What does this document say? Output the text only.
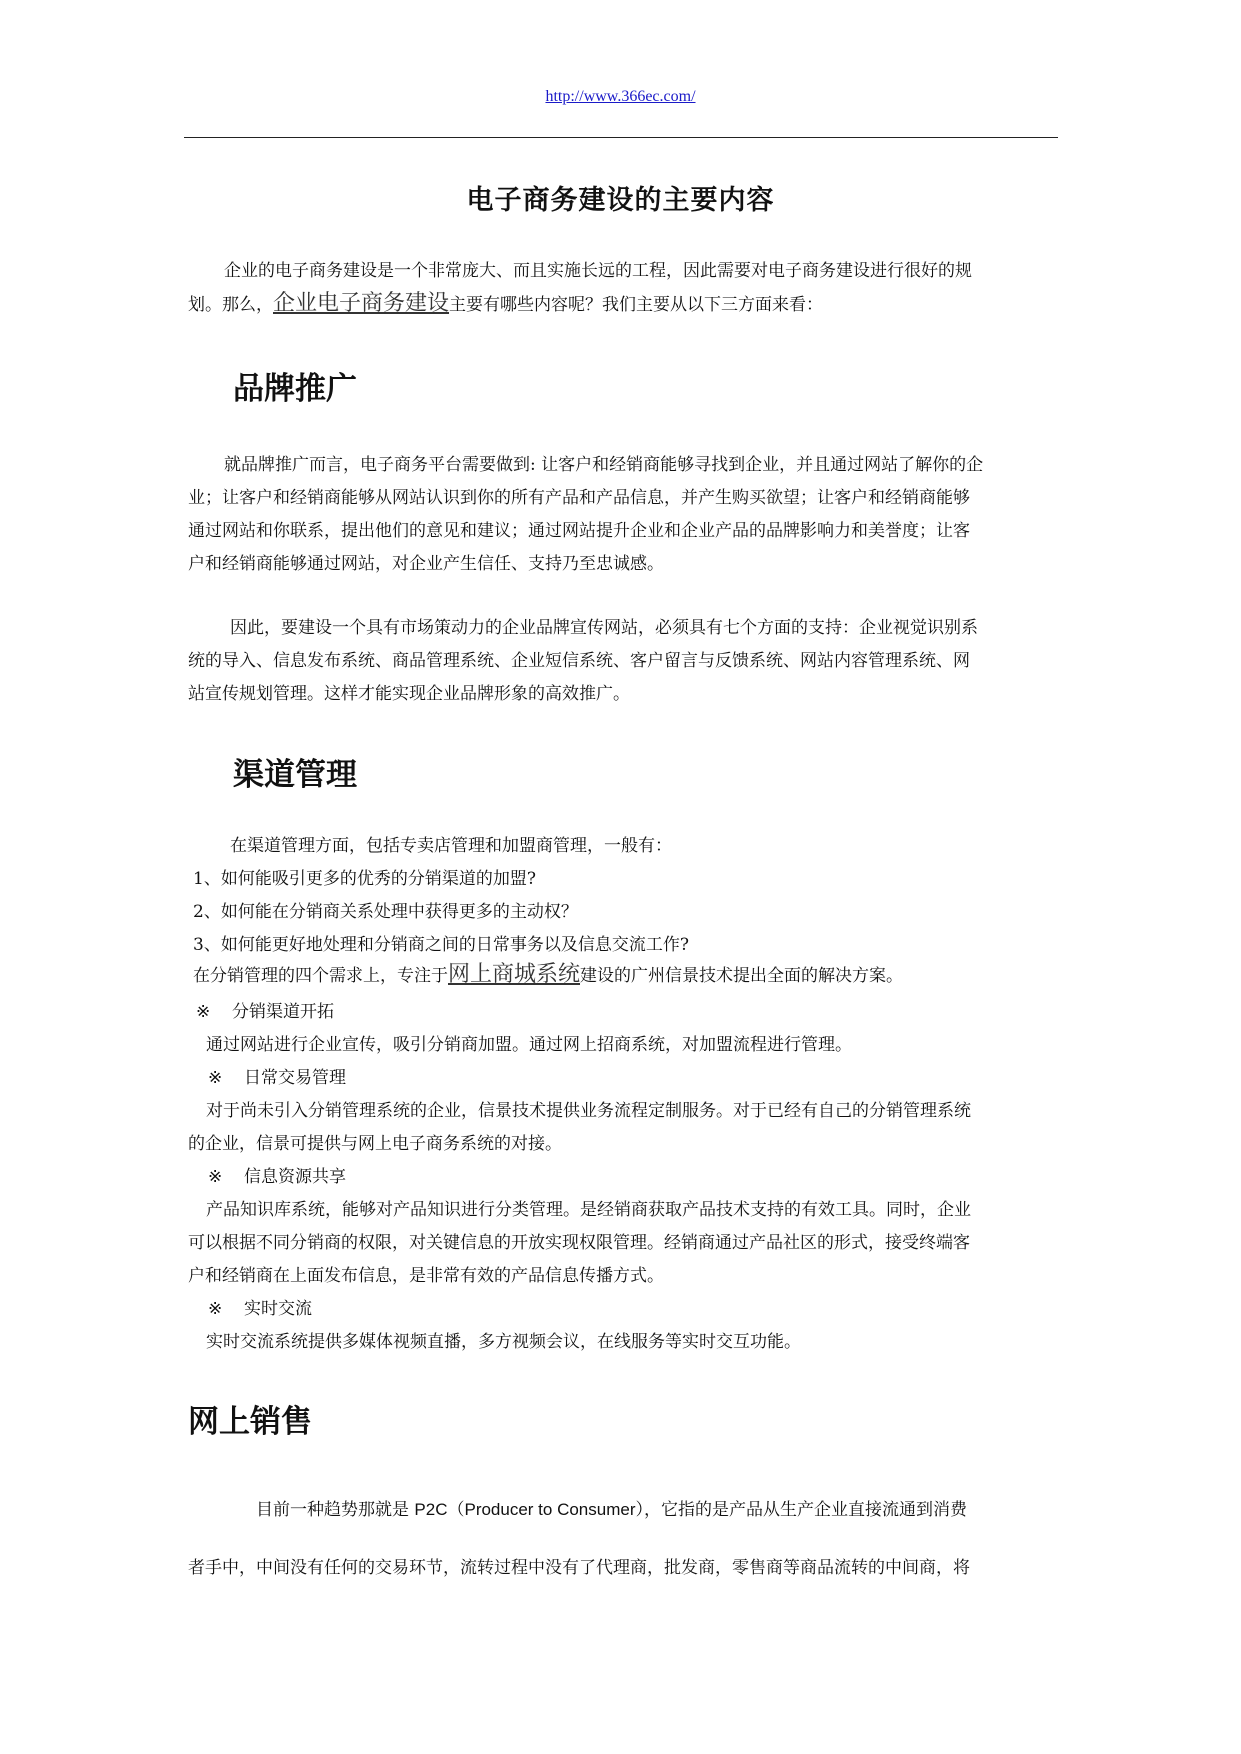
http://www.366ec.com/
电子商务建设的主要内容
企业的电子商务建设是一个非常庞大、而且实施长远的工程，因此需要对电子商务建设进行很好的规
划。那么，企业电子商务建设主要有哪些内容呢？我们主要从以下三方面来看：
品牌推广
就品牌推广而言，电子商务平台需要做到: 让客户和经销商能够寻找到企业，并且通过网站了解你的企
业；让客户和经销商能够从网站认识到你的所有产品和产品信息，并产生购买欲望；让客户和经销商能够
通过网站和你联系，提出他们的意见和建议；通过网站提升企业和企业产品的品牌影响力和美誉度；让客
户和经销商能够通过网站，对企业产生信任、支持乃至忠诚感。
因此，要建设一个具有市场策动力的企业品牌宣传网站，必须具有七个方面的支持：企业视觉识别系
统的导入、信息发布系统、商品管理系统、企业短信系统、客户留言与反馈系统、网站内容管理系统、网
站宣传规划管理。这样才能实现企业品牌形象的高效推广。
渠道管理
在渠道管理方面，包括专卖店管理和加盟商管理，一般有：
1、如何能吸引更多的优秀的分销渠道的加盟?
2、如何能在分销商关系处理中获得更多的主动权？
3、如何能更好地处理和分销商之间的日常事务以及信息交流工作?
在分销管理的四个需求上，专注于网上商城系统建设的广州信景技术提出全面的解决方案。
※ 分销渠道开拓
通过网站进行企业宣传，吸引分销商加盟。通过网上招商系统，对加盟流程进行管理。
※ 日常交易管理
对于尚未引入分销管理系统的企业，信景技术提供业务流程定制服务。对于已经有自己的分销管理系统
的企业，信景可提供与网上电子商务系统的对接。
※ 信息资源共享
产品知识库系统，能够对产品知识进行分类管理。是经销商获取产品技术支持的有效工具。同时，企业
可以根据不同分销商的权限，对关键信息的开放实现权限管理。经销商通过产品社区的形式，接受终端客
户和经销商在上面发布信息，是非常有效的产品信息传播方式。
※ 实时交流
实时交流系统提供多媒体视频直播，多方视频会议，在线服务等实时交互功能。
网上销售
目前一种趋势那就是 P2C（Producer to Consumer），它指的是产品从生产企业直接流通到消费
者手中，中间没有任何的交易环节，流转过程中没有了代理商，批发商，零售商等商品流转的中间商，将
